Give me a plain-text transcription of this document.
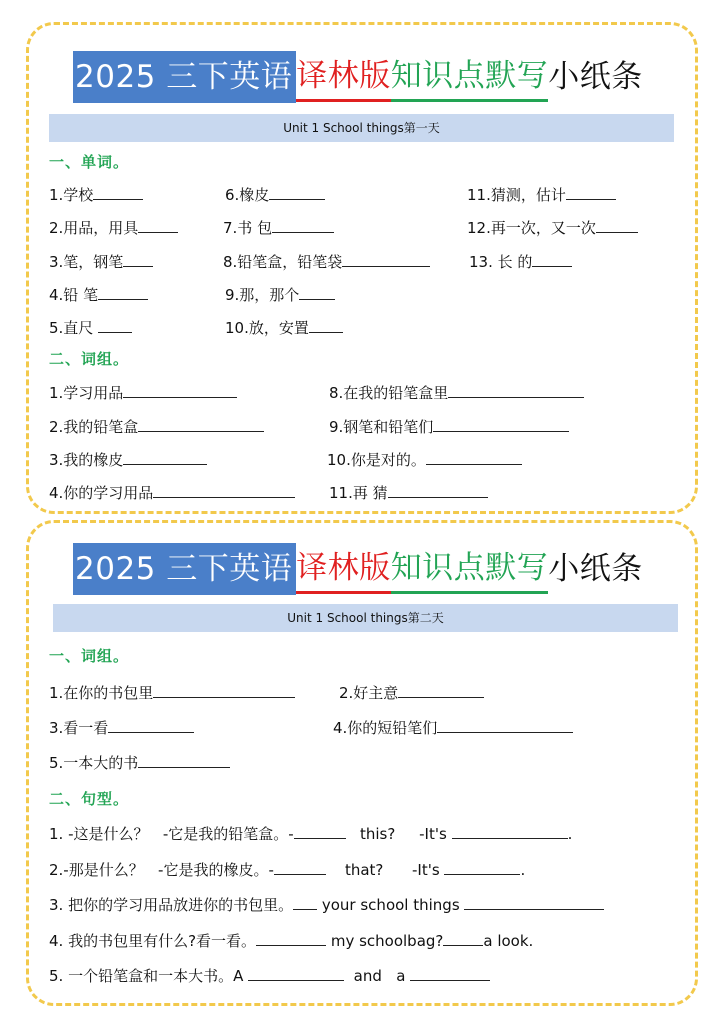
2025 三下英语 译林版 知识点默写 小纸条
Unit 1 School things第一天
一、单词。
1.学校	6.橡皮	11.猜测，估计
2.用品，用具	7.书 包	12.再一次，又一次
3.笔，钢笔	8.铅笔盒，铅笔袋	13. 长 的
4.铅 笔	9.那，那个
5.直尺	10.放，安置
二、词组。
1.学习用品	8.在我的铅笔盒里
2.我的铅笔盒	9.钢笔和铅笔们
3.我的橡皮	10.你是对的。
4.你的学习用品	11.再 猜
2025 三下英语 译林版 知识点默写 小纸条
Unit 1 School things第二天
一、词组。
1.在你的书包里	2.好主意
3.看一看	4.你的短铅笔们
5.一本大的书
二、句型。
1. -这是什么？ -它是我的铅笔盒。-	this? -It's	.
2.-那是什么？ -它是我的橡皮。-	that? -It's	.
3. 把你的学习用品放进你的书包里。 your school things
4. 我的书包里有什么?看一看。	my schoolbag?	a look.
5. 一个铅笔盒和一本大书。A	and a
